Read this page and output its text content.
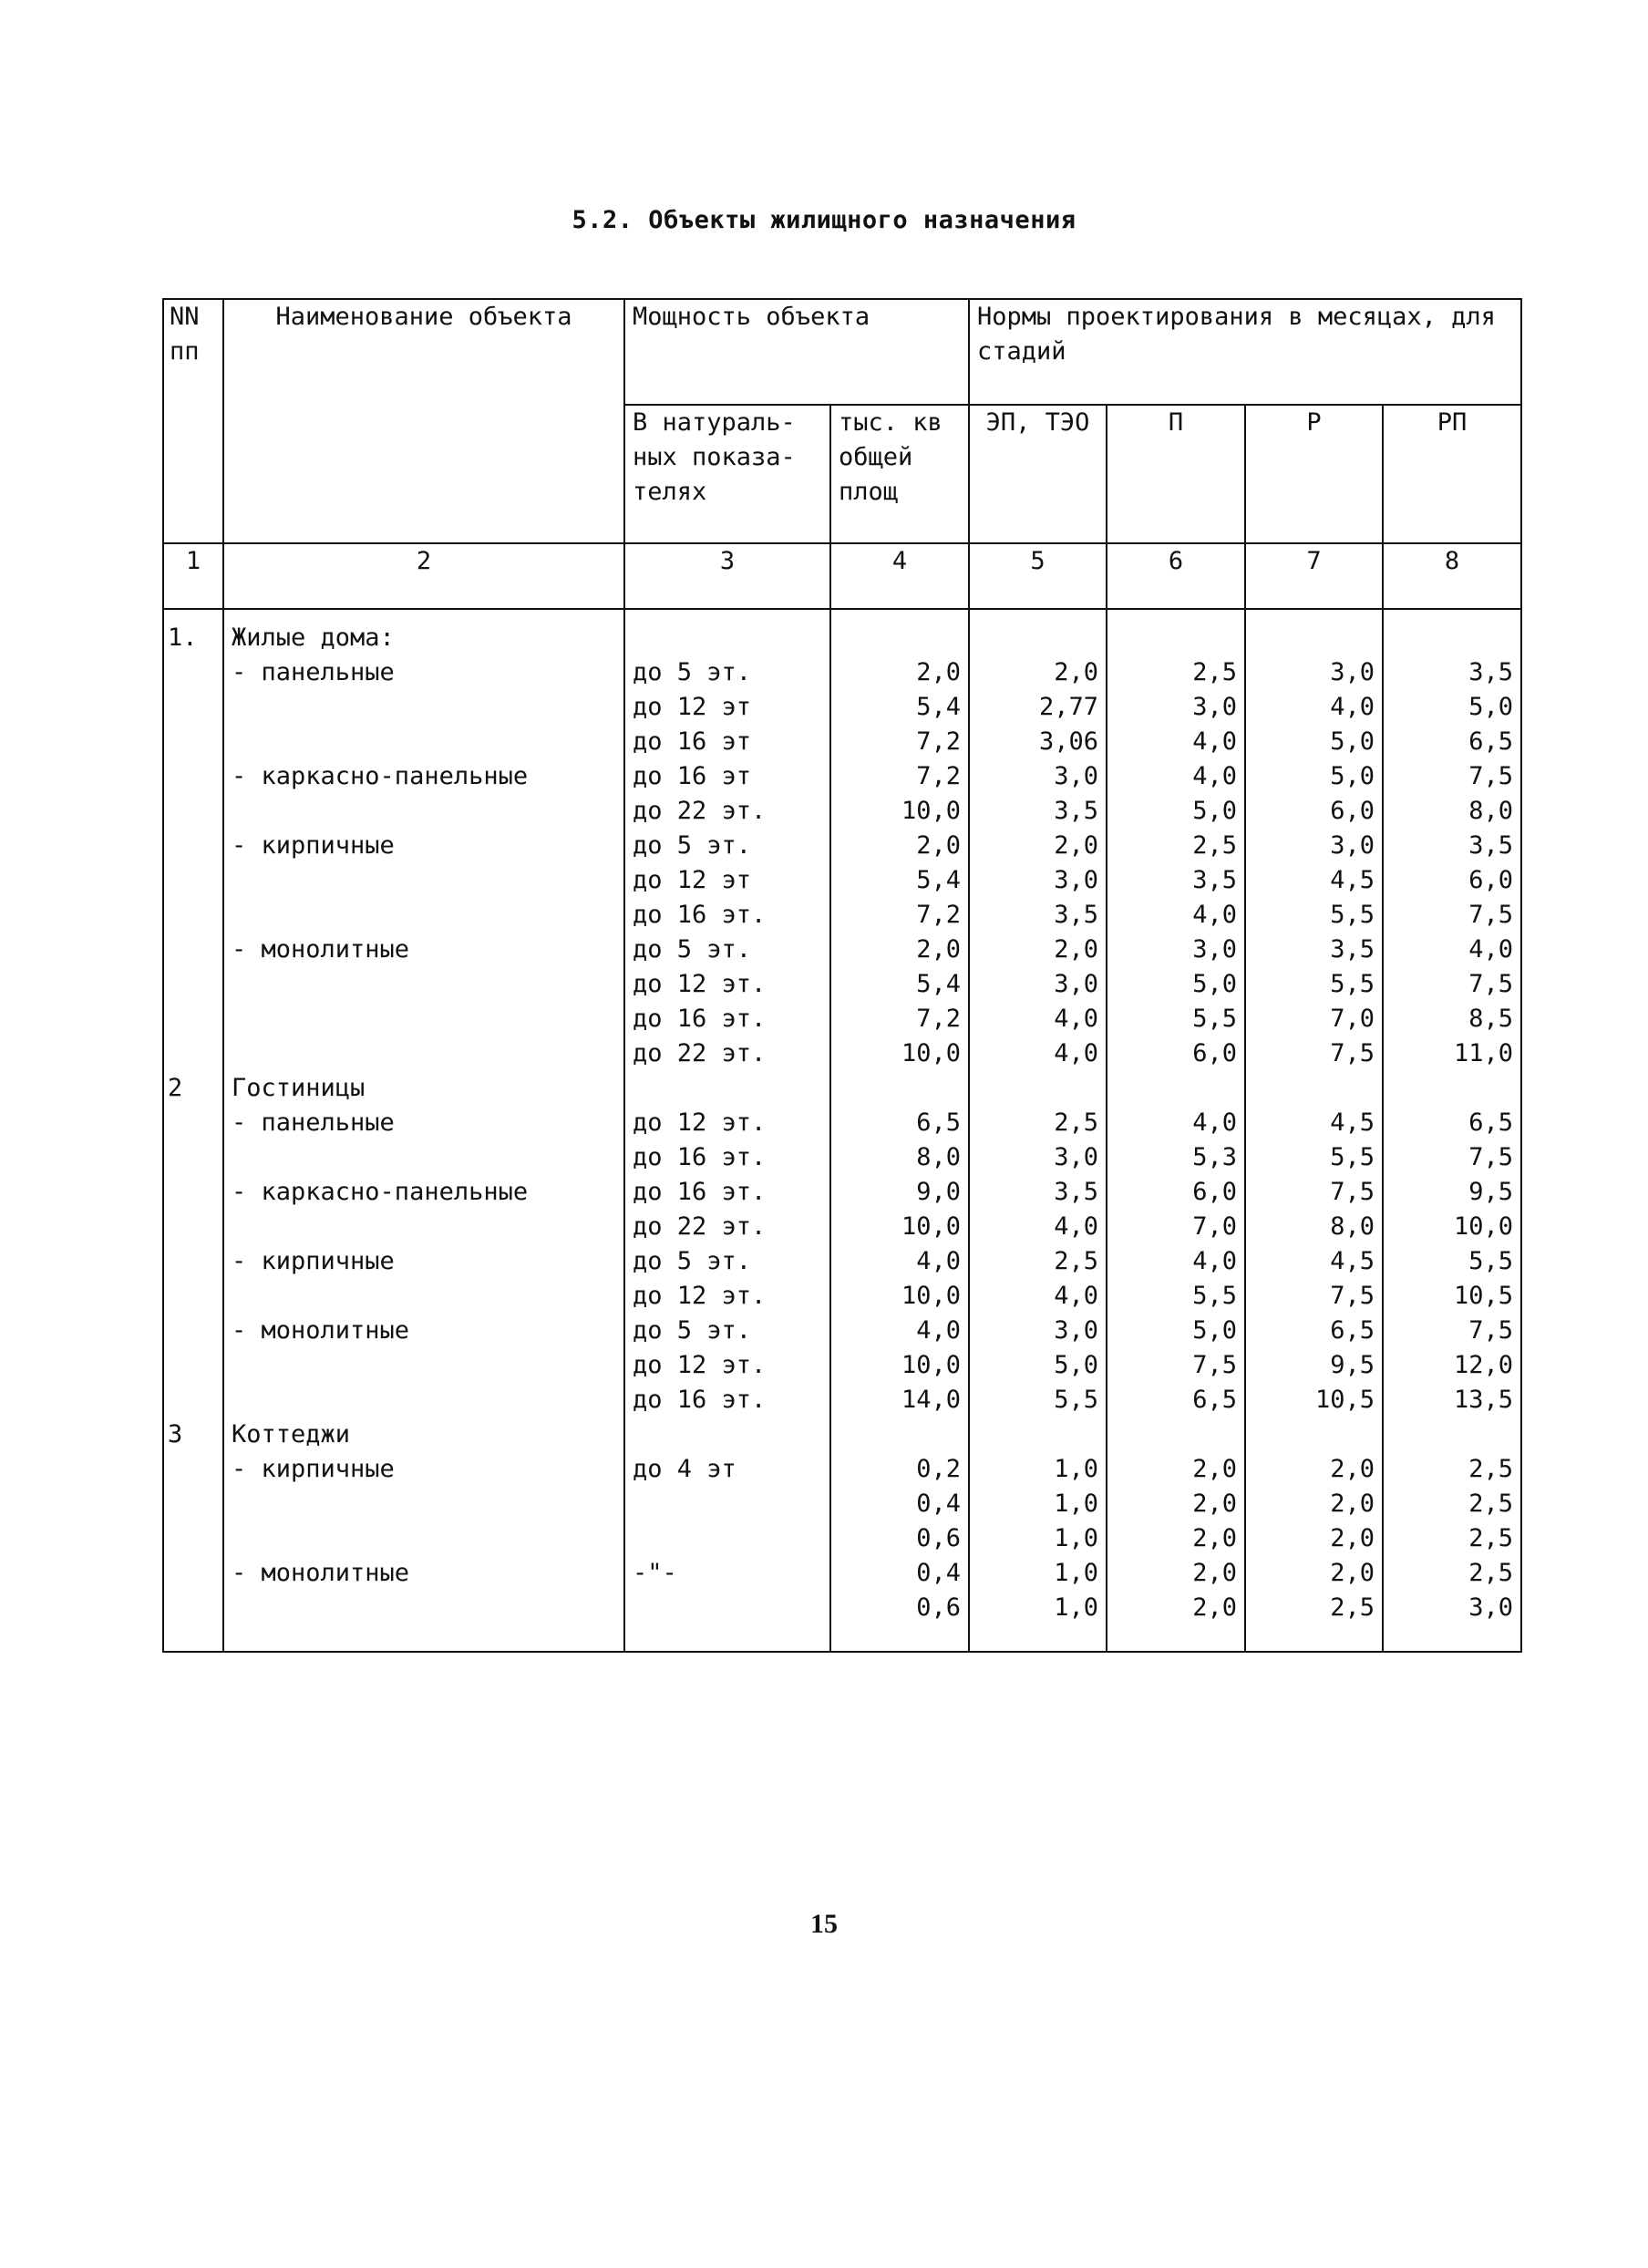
5.2. Объекты жилищного назначения
NN пп	Наименование объекта	Мощность объекта		Нормы проектирования в месяцах, для стадий			
		В натураль-ных показа-телях	тыс. кв общей площ	ЭП, ТЭО	П	Р	РП
1	2	3	4	5	6	7	8
1.	Жилые дома:						
	- панельные	до 5 эт.	2,0	2,0	2,5	3,0	3,5
		до 12 эт	5,4	2,77	3,0	4,0	5,0
		до 16 эт	7,2	3,06	4,0	5,0	6,5
	- каркасно-панельные	до 16 эт	7,2	3,0	4,0	5,0	7,5
		до 22 эт.	10,0	3,5	5,0	6,0	8,0
	- кирпичные	до 5 эт.	2,0	2,0	2,5	3,0	3,5
		до 12 эт	5,4	3,0	3,5	4,5	6,0
		до 16 эт.	7,2	3,5	4,0	5,5	7,5
	- монолитные	до 5 эт.	2,0	2,0	3,0	3,5	4,0
		до 12 эт.	5,4	3,0	5,0	5,5	7,5
		до 16 эт.	7,2	4,0	5,5	7,0	8,5
		до 22 эт.	10,0	4,0	6,0	7,5	11,0
2	Гостиницы						
	- панельные	до 12 эт.	6,5	2,5	4,0	4,5	6,5
		до 16 эт.	8,0	3,0	5,3	5,5	7,5
	- каркасно-панельные	до 16 эт.	9,0	3,5	6,0	7,5	9,5
		до 22 эт.	10,0	4,0	7,0	8,0	10,0
	- кирпичные	до 5 эт.	4,0	2,5	4,0	4,5	5,5
		до 12 эт.	10,0	4,0	5,5	7,5	10,5
	- монолитные	до 5 эт.	4,0	3,0	5,0	6,5	7,5
		до 12 эт.	10,0	5,0	7,5	9,5	12,0
		до 16 эт.	14,0	5,5	6,5	10,5	13,5
3	Коттеджи						
	- кирпичные	до 4 эт	0,2	1,0	2,0	2,0	2,5
			0,4	1,0	2,0	2,0	2,5
			0,6	1,0	2,0	2,0	2,5
	- монолитные	-"-	0,4	1,0	2,0	2,0	2,5
			0,6	1,0	2,0	2,5	3,0
15
